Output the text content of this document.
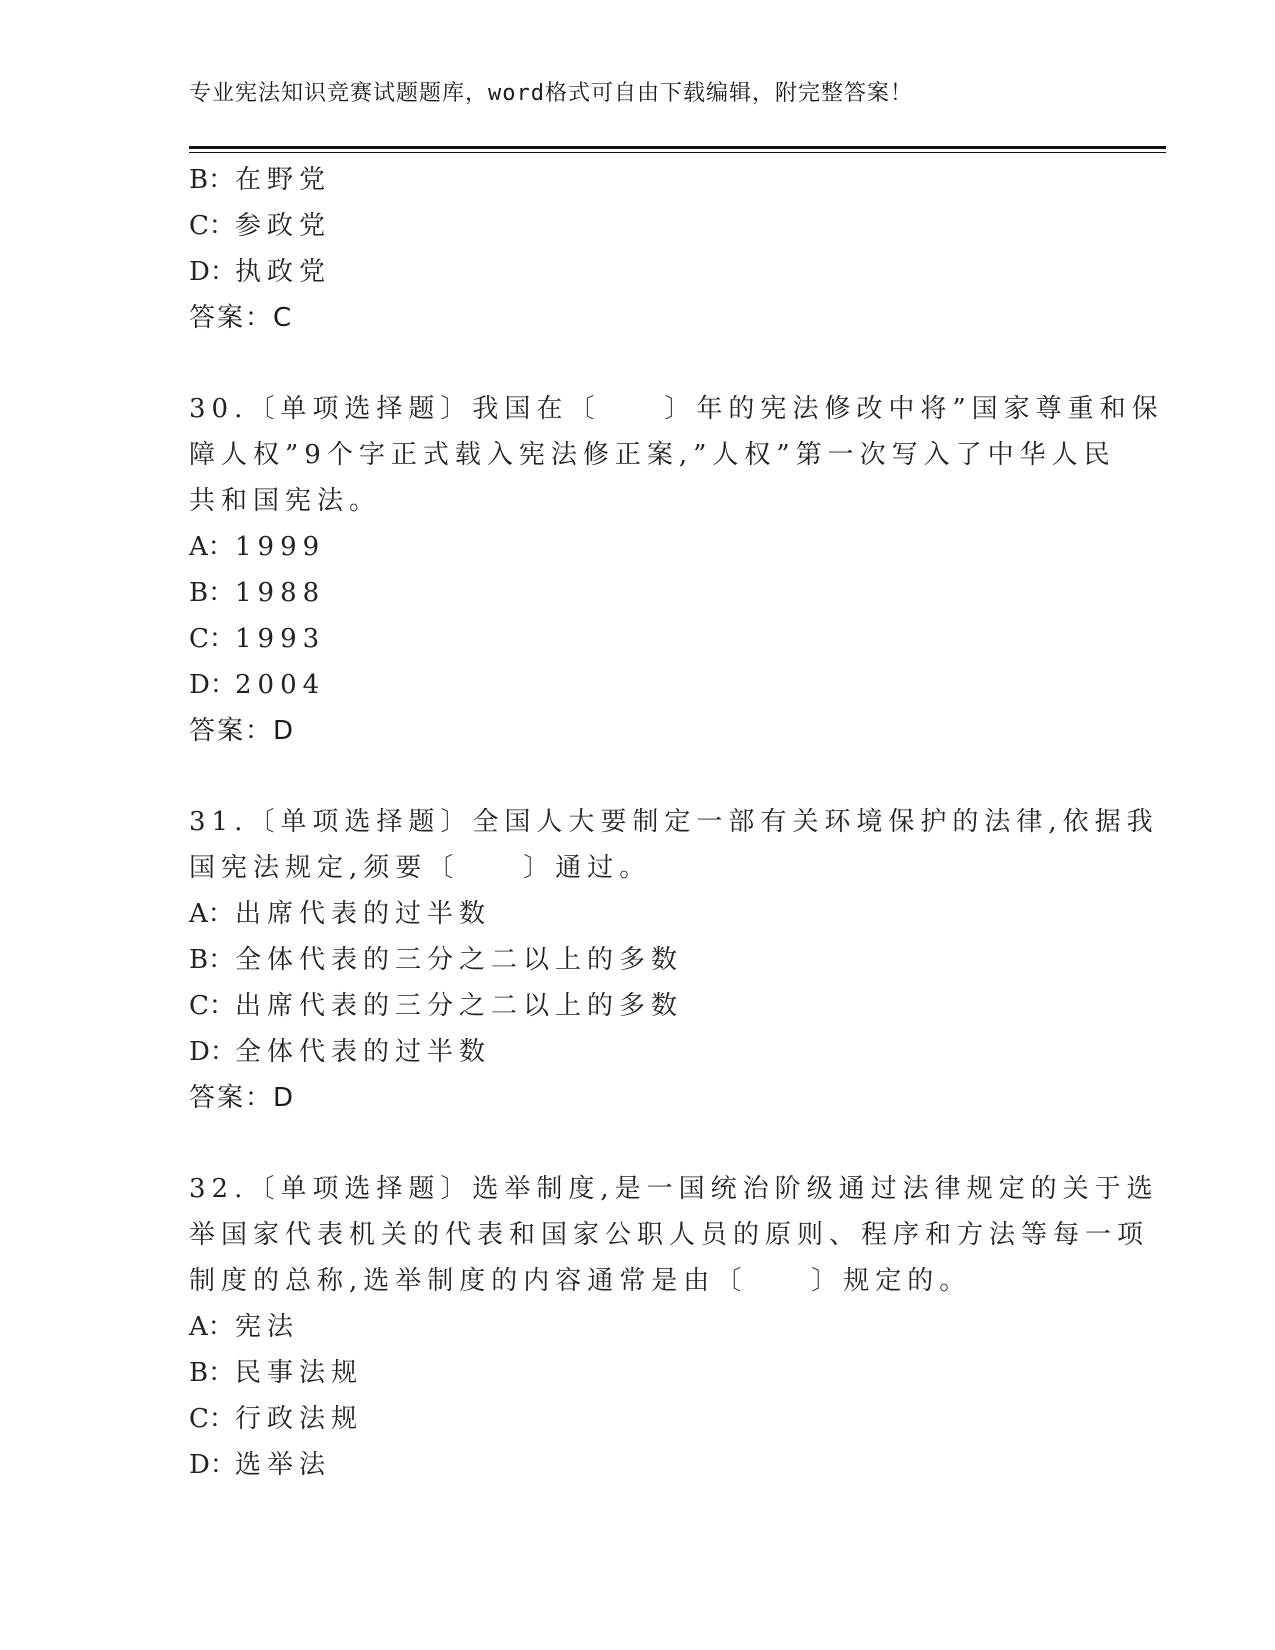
专业宪法知识竞赛试题题库，word格式可自由下载编辑，附完整答案！
B：在野党
C：参政党
D：执政党
答案：C
30.〔单项选择题〕我国在〔　　〕年的宪法修改中将”国家尊重和保
障人权”9个字正式载入宪法修正案,”人权”第一次写入了中华人民
共和国宪法。
A：1999
B：1988
C：1993
D：2004
答案：D
31.〔单项选择题〕全国人大要制定一部有关环境保护的法律,依据我
国宪法规定,须要〔　　〕通过。
A：出席代表的过半数
B：全体代表的三分之二以上的多数
C：出席代表的三分之二以上的多数
D：全体代表的过半数
答案：D
32.〔单项选择题〕选举制度,是一国统治阶级通过法律规定的关于选
举国家代表机关的代表和国家公职人员的原则、程序和方法等每一项
制度的总称,选举制度的内容通常是由〔　　〕规定的。
A：宪法
B：民事法规
C：行政法规
D：选举法
